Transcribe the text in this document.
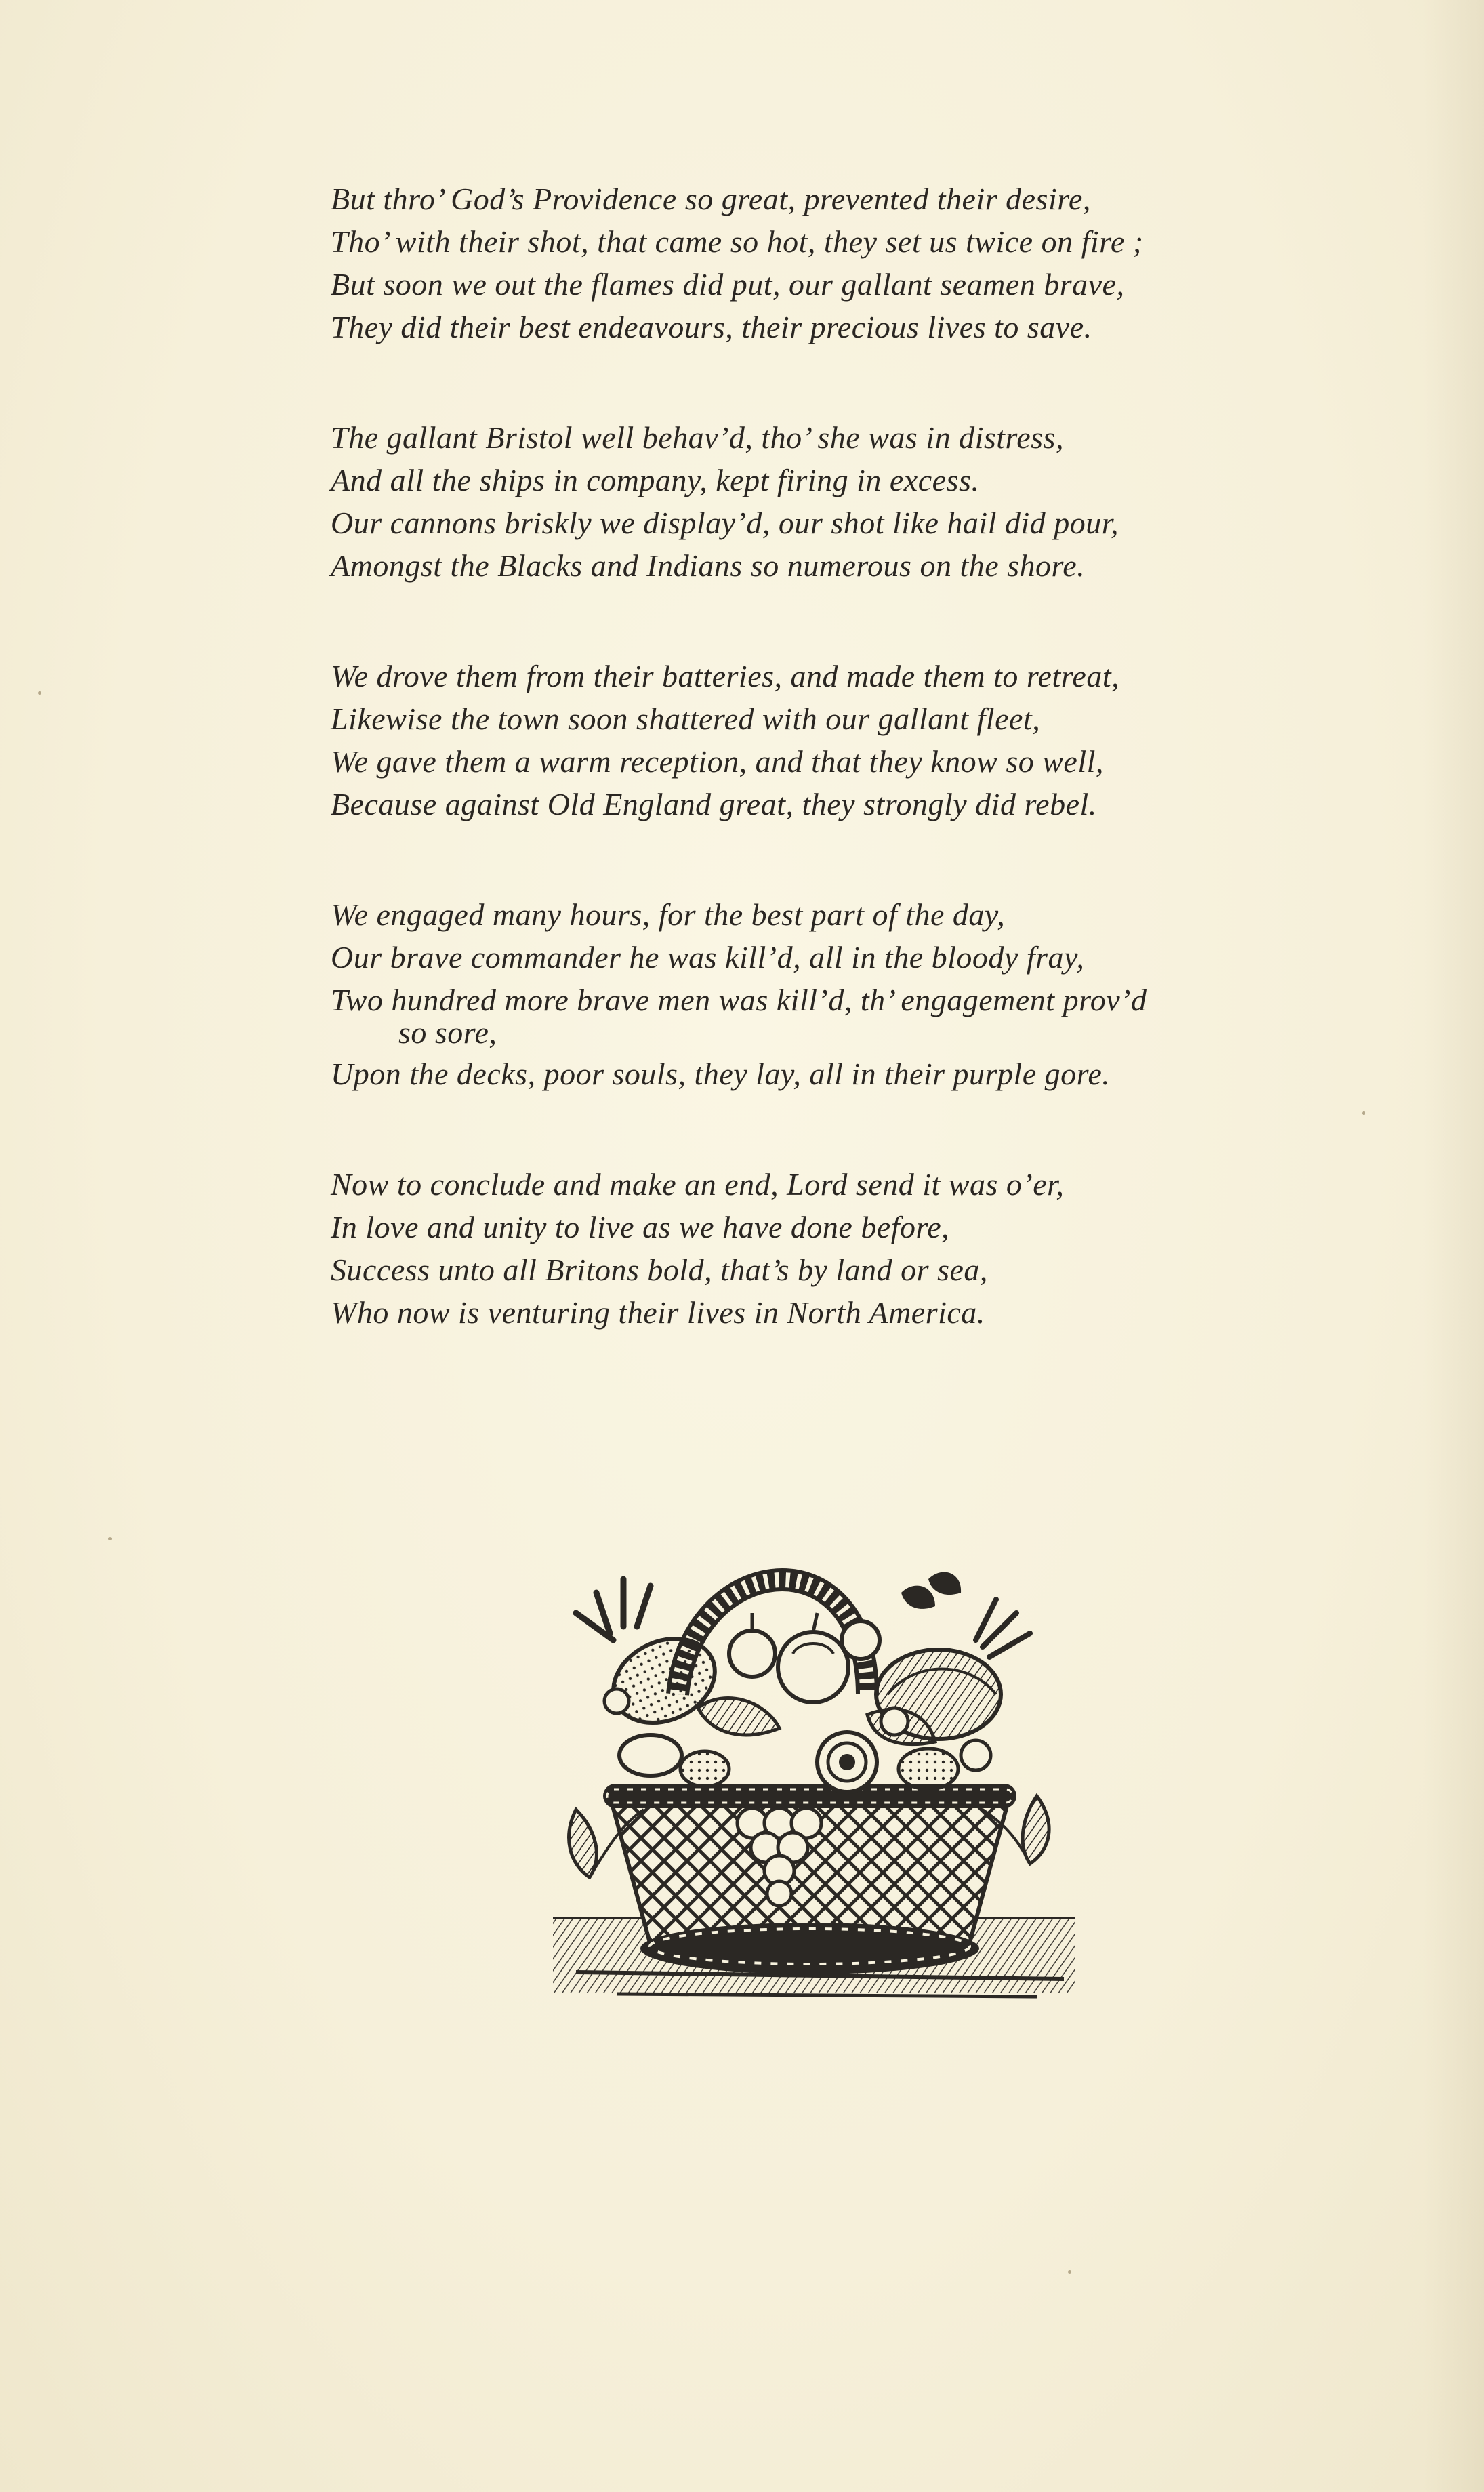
But thro’ God’s Providence so great, prevented their desire,
Tho’ with their shot, that came so hot, they set us twice on fire ;
But soon we out the flames did put, our gallant seamen brave,
They did their best endeavours, their precious lives to save.
The gallant Bristol well behav’d, tho’ she was in distress,
And all the ships in company, kept firing in excess.
Our cannons briskly we display’d, our shot like hail did pour,
Amongst the Blacks and Indians so numerous on the shore.
We drove them from their batteries, and made them to retreat,
Likewise the town soon shattered with our gallant fleet,
We gave them a warm reception, and that they know so well,
Because against Old England great, they strongly did rebel.
We engaged many hours, for the best part of the day,
Our brave commander he was kill’d, all in the bloody fray,
Two hundred more brave men was kill’d, th’ engagement prov’d
so sore,
Upon the decks, poor souls, they lay, all in their purple gore.
Now to conclude and make an end, Lord send it was o’er,
In love and unity to live as we have done before,
Success unto all Britons bold, that’s by land or sea,
Who now is venturing their lives in North America.
